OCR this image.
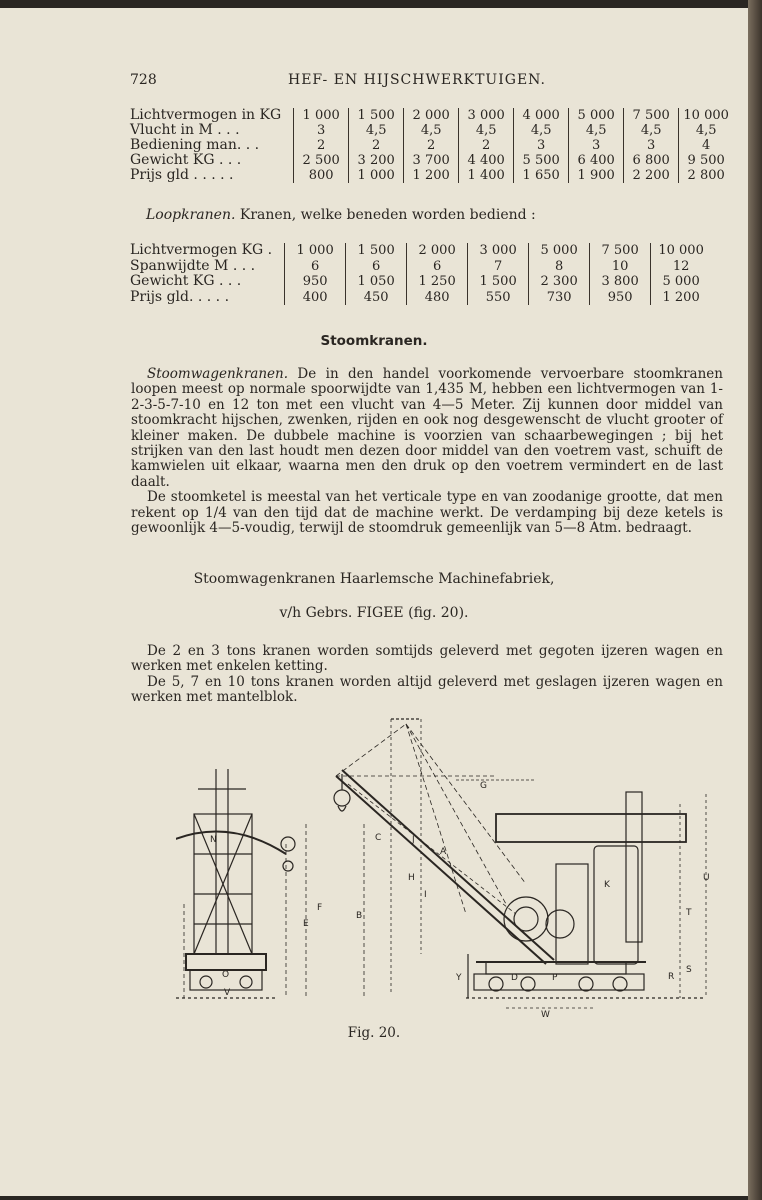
728	HEF- EN HIJSCHWERKTUIGEN.
Lichtvermogen in KG	1 000	1 500	2 000	3 000	4 000	5 000	7 500	10 000
Vlucht in M . . .	3	4,5	4,5	4,5	4,5	4,5	4,5	4,5
Bediening man. . .	2	2	2	2	3	3	3	4
Gewicht KG . . .	2 500	3 200	3 700	4 400	5 500	6 400	6 800	9 500
Prijs gld . . . . .	800	1 000	1 200	1 400	1 650	1 900	2 200	2 800
Loopkranen. Kranen, welke beneden worden bediend :
Lichtvermogen KG .	1 000	1 500	2 000	3 000	5 000	7 500	10 000
Spanwijdte M . . .	6	6	6	7	8	10	12
Gewicht KG . . .	950	1 050	1 250	1 500	2 300	3 800	5 000
Prijs gld. . . . .	400	450	480	550	730	950	1 200
Stoomkranen.

Stoomwagenkranen. De in den handel voorkomende vervoerbare stoomkranen loopen meest op normale spoorwijdte van 1,435 M, hebben een lichtvermogen van 1-2-3-5-7-10 en 12 ton met een vlucht van 4—5 Meter. Zij kunnen door middel van stoomkracht hijschen, zwenken, rijden en ook nog desgewenscht de vlucht grooter of kleiner maken. De dubbele machine is voorzien van schaarbewegingen ; bij het strijken van den last houdt men dezen door middel van den voetrem vast, schuift de kamwielen uit elkaar, waarna men den druk op den voetrem vermindert en de last daalt.

De stoomketel is meestal van het verticale type en van zoodanige grootte, dat men rekent op 1/4 van den tijd dat de machine werkt. De verdamping bij deze ketels is gewoonlijk 4—5-voudig, terwijl de stoomdruk gemeenlijk van 5—8 Atm. bedraagt.

Stoomwagenkranen Haarlemsche Machinefabriek,
v/h Gebrs. FIGEE (fig. 20).

De 2 en 3 tons kranen worden somtijds geleverd met gegoten ijzeren wagen en werken met enkelen ketting.

De 5, 7 en 10 tons kranen worden altijd geleverd met geslagen ijzeren wagen en werken met mantelblok.

N
O
V
E
F
C
B
J
A
H
I
G
K
U
T
S
R
Y
W
D	P
Fig. 20.
